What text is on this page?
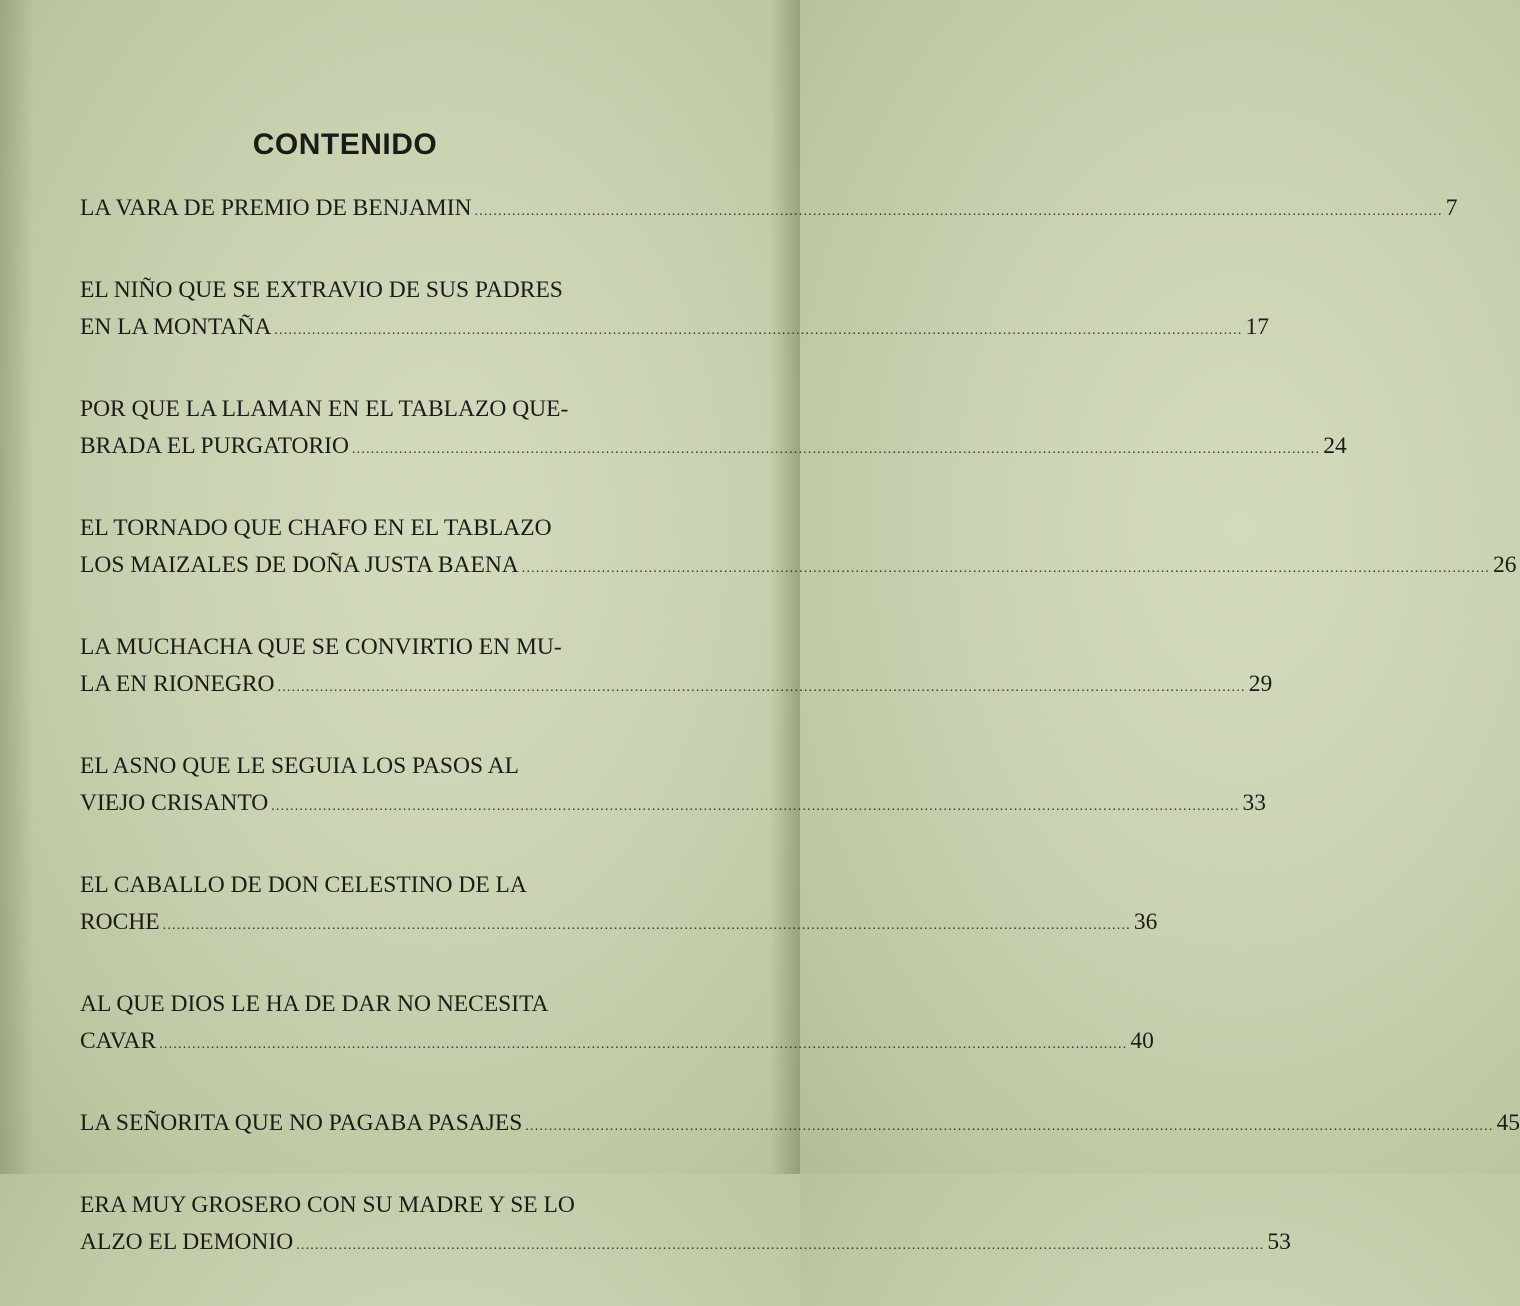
CONTENIDO
LA VARA DE PREMIO DE BENJAMIN .....	7
EL NIÑO QUE SE EXTRAVIO DE SUS PADRES
EN LA MONTAÑA .....	17
POR QUE LA LLAMAN EN EL TABLAZO QUE-
BRADA EL PURGATORIO .....	24
EL TORNADO QUE CHAFO EN EL TABLAZO
LOS MAIZALES DE DOÑA JUSTA BAENA .....	26
LA MUCHACHA QUE SE CONVIRTIO EN MU-
LA EN RIONEGRO .....	29
EL ASNO QUE LE SEGUIA LOS PASOS AL
VIEJO CRISANTO .....	33
EL CABALLO DE DON CELESTINO DE LA
ROCHE .....	36
AL QUE DIOS LE HA DE DAR NO NECESITA
CAVAR .....	40
LA SEÑORITA QUE NO PAGABA PASAJES .....	45
ERA MUY GROSERO CON SU MADRE Y SE LO
ALZO EL DEMONIO .....	53
